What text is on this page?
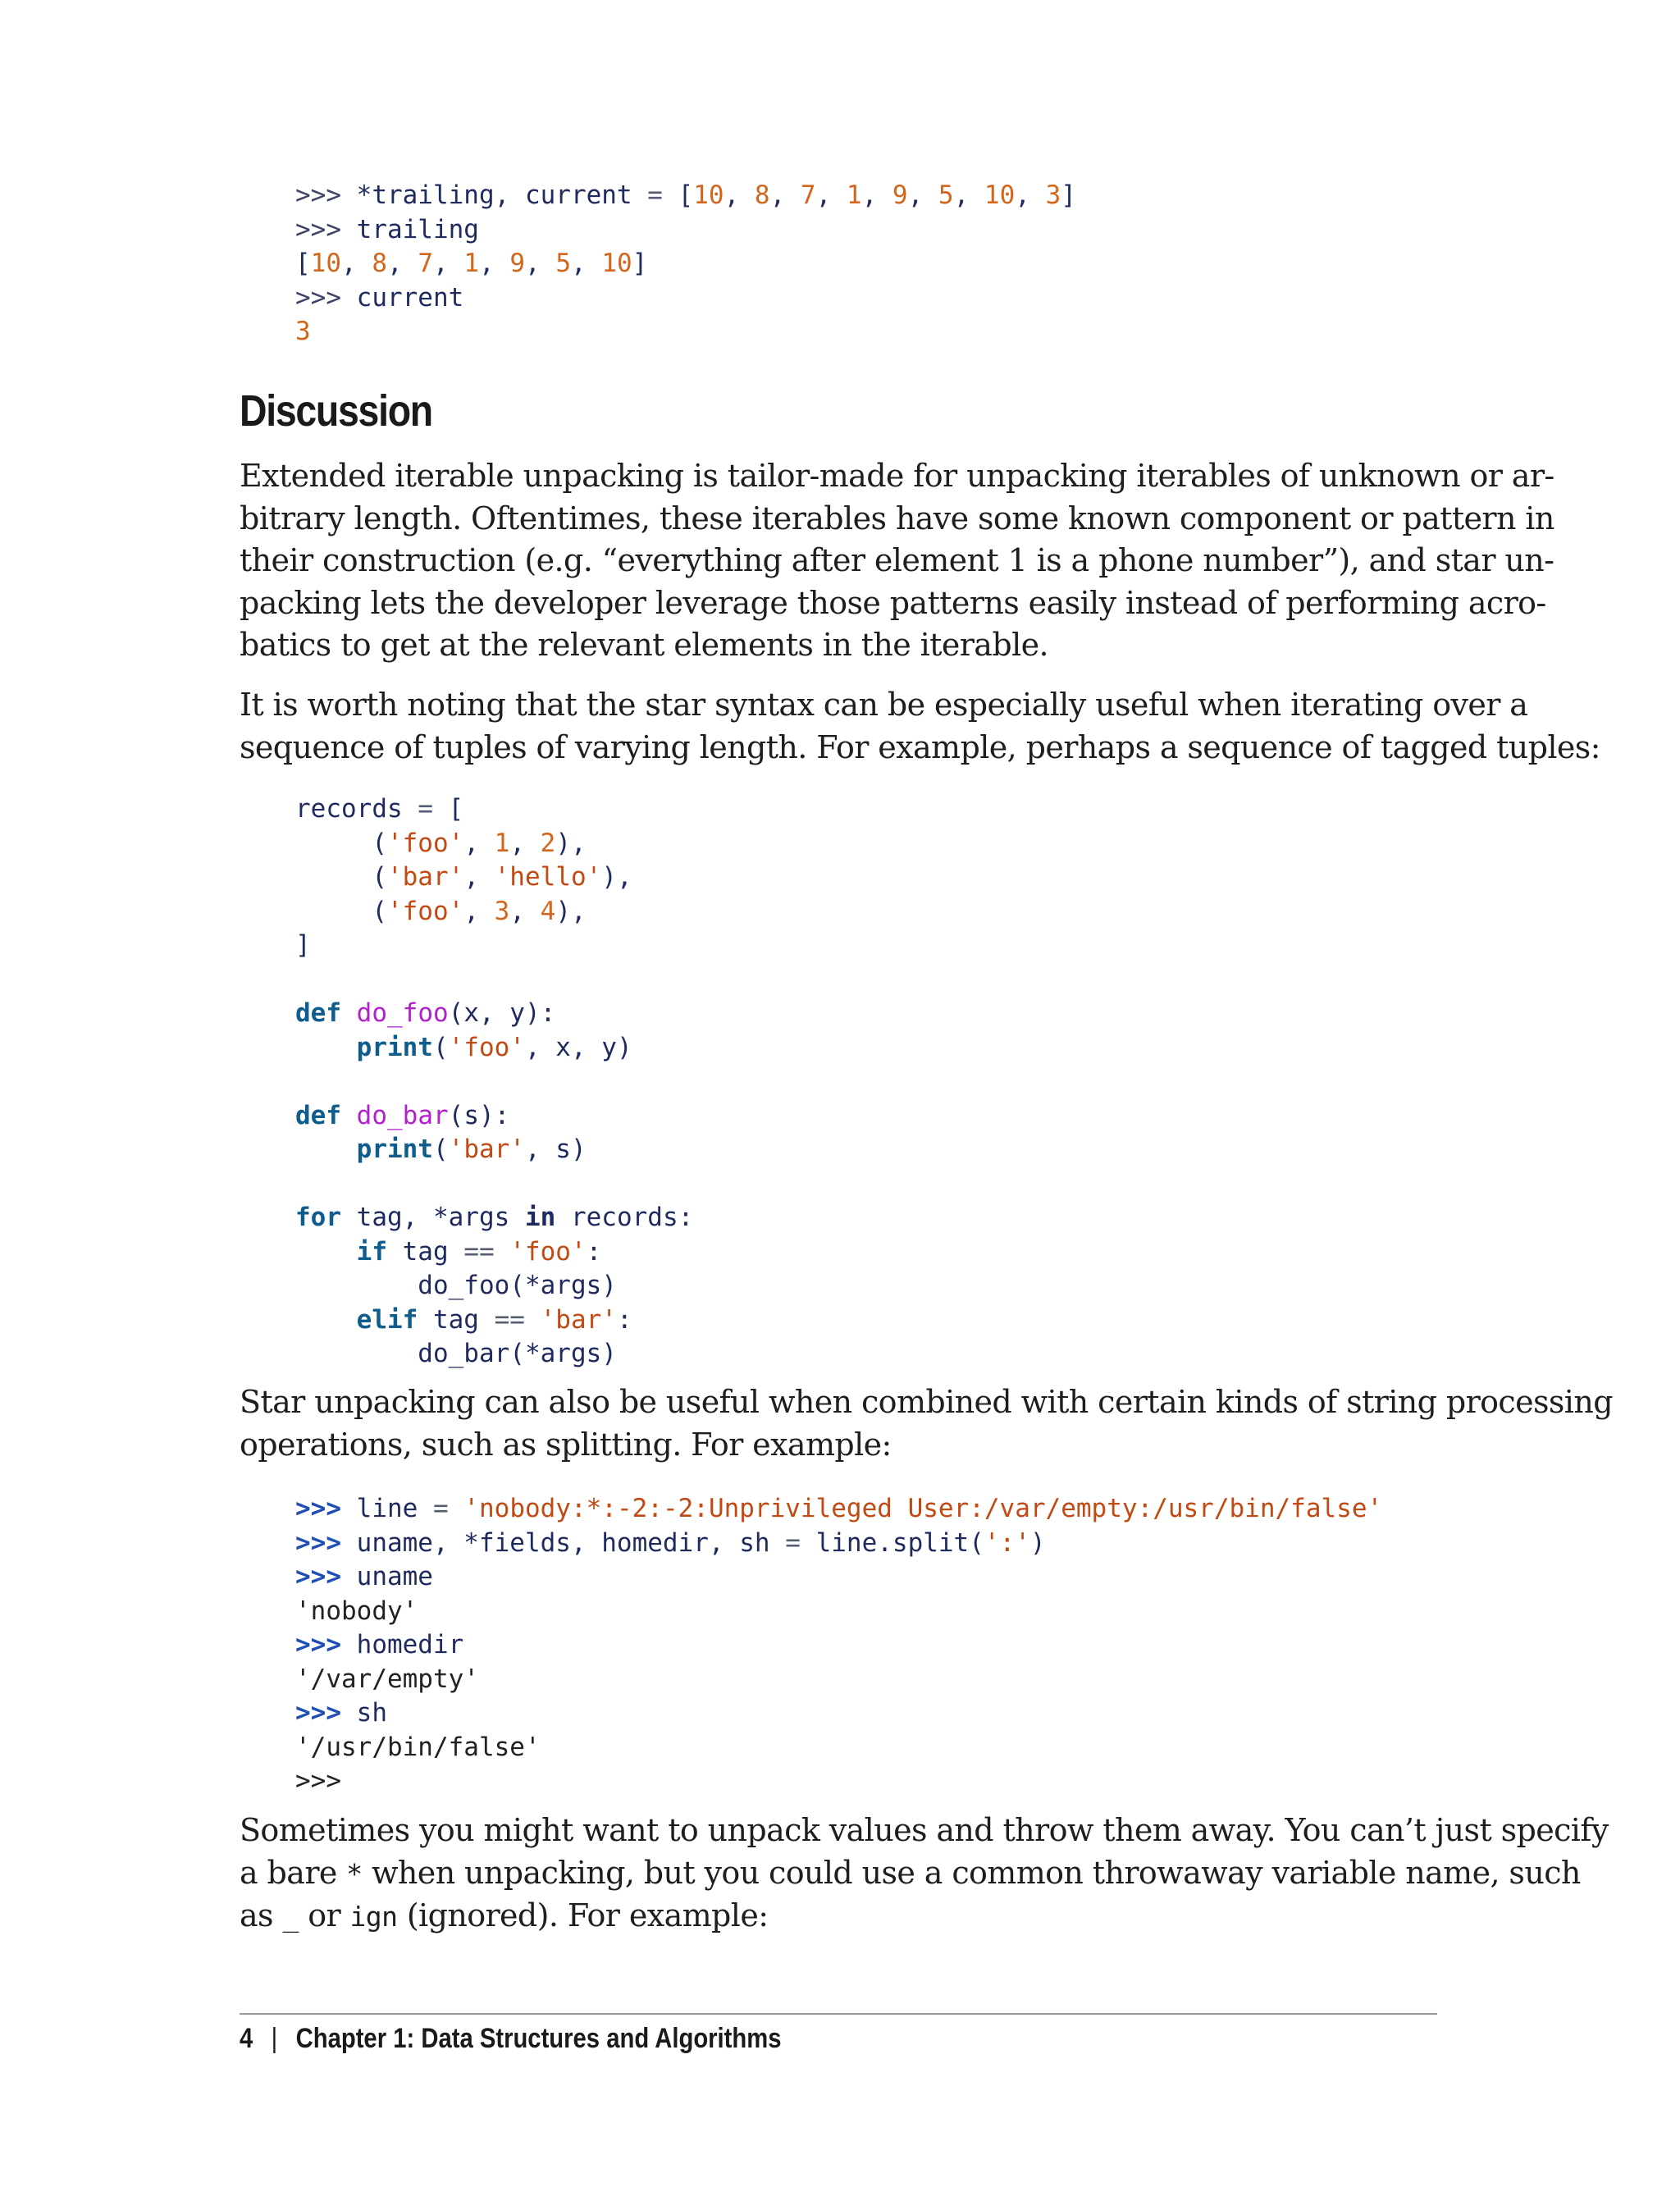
>>> *trailing, current = [10, 8, 7, 1, 9, 5, 10, 3]
>>> trailing
[10, 8, 7, 1, 9, 5, 10]
>>> current
3
Discussion
Extended iterable unpacking is tailor-made for unpacking iterables of unknown or ar-
bitrary length. Oftentimes, these iterables have some known component or pattern in
their construction (e.g. “everything after element 1 is a phone number”), and star un-
packing lets the developer leverage those patterns easily instead of performing acro-
batics to get at the relevant elements in the iterable.
It is worth noting that the star syntax can be especially useful when iterating over a
sequence of tuples of varying length. For example, perhaps a sequence of tagged tuples:
records = [
('foo', 1, 2),
('bar', 'hello'),
('foo', 3, 4),
]

def do_foo(x, y):
print('foo', x, y)

def do_bar(s):
print('bar', s)

for tag, *args in records:
if tag == 'foo':
do_foo(*args)
elif tag == 'bar':
do_bar(*args)
Star unpacking can also be useful when combined with certain kinds of string processing
operations, such as splitting. For example:
>>> line = 'nobody:*:-2:-2:Unprivileged User:/var/empty:/usr/bin/false'
>>> uname, *fields, homedir, sh = line.split(':')
>>> uname
'nobody'
>>> homedir
'/var/empty'
>>> sh
'/usr/bin/false'
>>>
Sometimes you might want to unpack values and throw them away. You can’t just specify
a bare * when unpacking, but you could use a common throwaway variable name, such
as _ or ign (ignored). For example:
4 | Chapter 1: Data Structures and Algorithms
